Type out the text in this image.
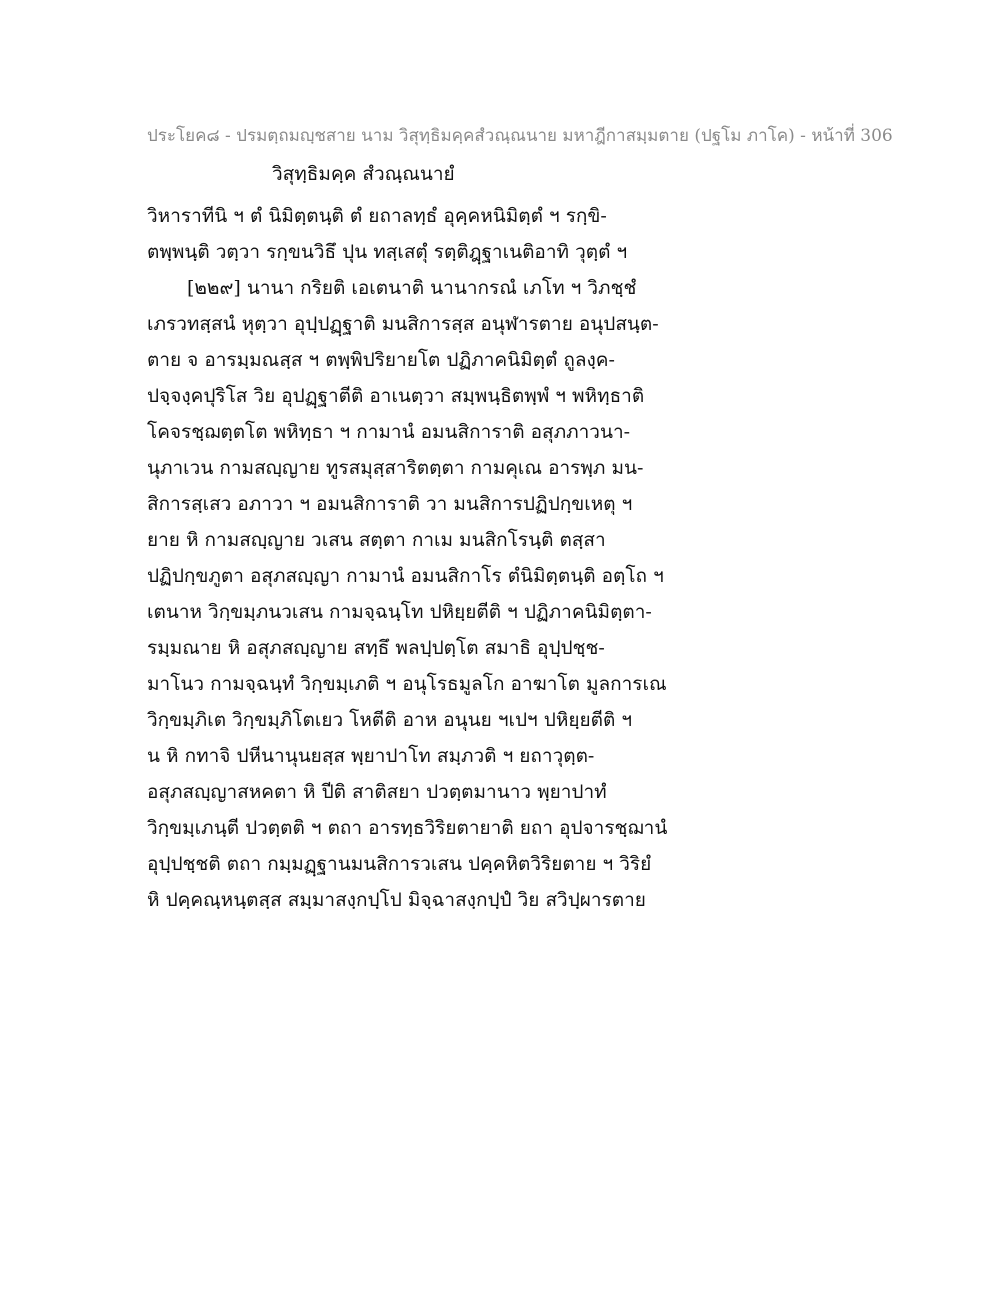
ประโยค๘ - ปรมตฺถมญฺชสาย นาม วิสุทฺธิมคฺคสํวณฺณนาย มหาฎีกาสมฺมตาย (ปฐโม ภาโค) - หน้าที่ 306
วิสุทฺธิมคฺค สํวณฺณนายํ
วิหาราทีนิ ฯ ตํ นิมิตฺตนฺติ ตํ ยถาลทฺธํ อุคฺคหนิมิตฺตํ ฯ รกฺขิ-
ตพฺพนฺติ วตฺวา รกฺขนวิธึ ปุน ทสฺเสตุํ รตฺติฎฺฐาเนติอาทิ วุตฺตํ ฯ
[๒๒๙] นานา กริยติ เอเตนาติ นานากรณํ เภโท ฯ วิภชฺชํ
เภรวทสฺสนํ หุตฺวา อุปฺปฏฺฐาติ มนสิการสฺส อนุฬารตาย อนุปสนฺต-
ตาย จ อารมฺมณสฺส ฯ ตพฺพิปริยายโต ปฏิภาคนิมิตฺตํ ถูลงฺค-
ปจฺจงฺคปุริโส วิย อุปฏฺฐาตีติ อาเนตฺวา สมฺพนฺธิตพฺพํ ฯ พหิทฺธาติ
โคจรชฺฌตฺตโต พหิทฺธา ฯ กามานํ อมนสิการาติ อสุภภาวนา-
นุภาเวน กามสญฺญาย ทูรสมุสฺสาริตตฺตา กามคุเณ อารพฺภ มน-
สิการสฺเสว อภาวา ฯ อมนสิการาติ วา มนสิการปฏิปกฺขเหตุ ฯ
ยาย หิ กามสญฺญาย วเสน สตฺตา กาเม มนสิกโรนฺติ ตสฺสา
ปฏิปกฺขภูตา อสุภสญฺญา กามานํ อมนสิกาโร ตํนิมิตฺตนฺติ อตฺโถ ฯ
เตนาห วิกฺขมฺภนวเสน กามจฺฉนฺโท ปหิยฺยตีติ ฯ ปฏิภาคนิมิตฺตา-
รมฺมณาย หิ อสุภสญฺญาย สทฺธึ พลปฺปตฺโต สมาธิ อุปฺปชฺช-
มาโนว กามจฺฉนฺทํ วิกฺขมฺเภติ ฯ อนุโรธมูลโก อาฆาโต มูลการเณ
วิกฺขมฺภิเต วิกฺขมฺภิโตเยว โหตีติ อาห อนุนย ฯเปฯ ปหิยฺยตีติ ฯ
น หิ กทาจิ ปหีนานุนยสฺส พฺยาปาโท สมฺภวติ ฯ ยถาวุตฺต-
อสุภสญฺญาสหคตา หิ ปีติ สาติสยา ปวตฺตมานาว พฺยาปาทํ
วิกฺขมฺเภนฺตี ปวตฺตติ ฯ ตถา อารทฺธวิริยตายาติ ยถา อุปจารชฺฌานํ
อุปฺปชฺชติ ตถา กมฺมฏฺฐานมนสิการวเสน ปคฺคหิตวิริยตาย ฯ วิริยํ
หิ ปคฺคณฺหนฺตสฺส สมฺมาสงฺกปฺโป มิจฺฉาสงฺกปฺปํ วิย สวิปฺผารตาย
